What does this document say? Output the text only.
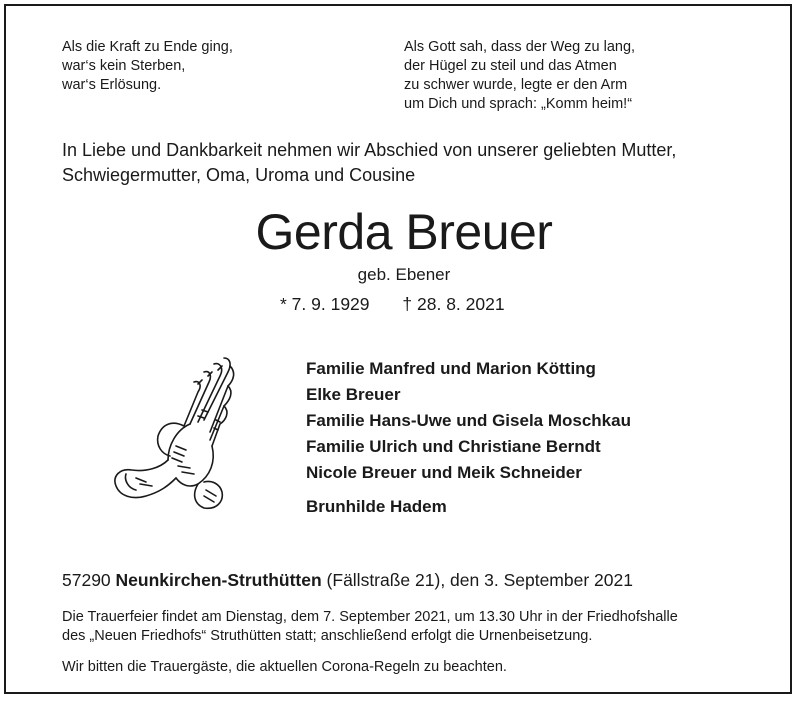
Als die Kraft zu Ende ging,
war‘s kein Sterben,
war‘s Erlösung.
Als Gott sah, dass der Weg zu lang,
der Hügel zu steil und das Atmen
zu schwer wurde, legte er den Arm
um Dich und sprach: „Komm heim!“
In Liebe und Dankbarkeit nehmen wir Abschied von unserer geliebten Mutter,
Schwiegermutter, Oma, Uroma und Cousine
Gerda Breuer
geb. Ebener
* 7. 9. 1929 † 28. 8. 2021
Familie Manfred und Marion Kötting
Elke Breuer
Familie Hans-Uwe und Gisela Moschkau
Familie Ulrich und Christiane Berndt
Nicole Breuer und Meik Schneider
Brunhilde Hadem
57290 Neunkirchen-Struthütten (Fällstraße 21), den 3. September 2021
Die Trauerfeier findet am Dienstag, dem 7. September 2021, um 13.30 Uhr in der Friedhofshalle
des „Neuen Friedhofs“ Struthütten statt; anschließend erfolgt die Urnenbeisetzung.
Wir bitten die Trauergäste, die aktuellen Corona-Regeln zu beachten.
